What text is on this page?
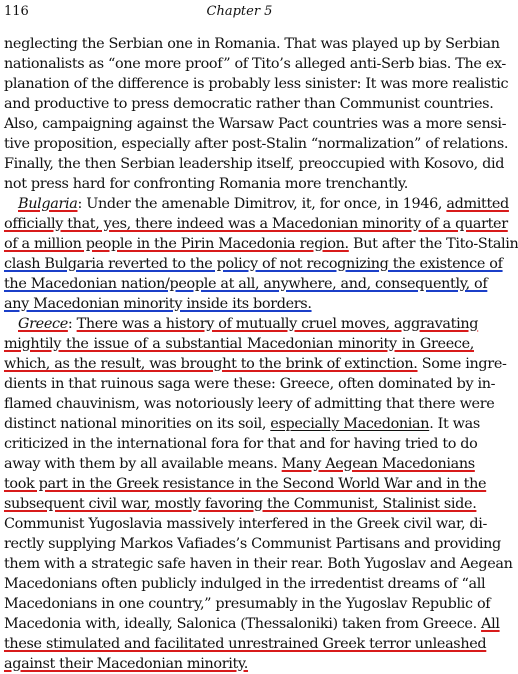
116	Chapter 5
neglecting the Serbian one in Romania. That was played up by Serbian
nationalists as “one more proof” of Tito’s alleged anti-Serb bias. The ex-
planation of the difference is probably less sinister: It was more realistic
and productive to press democratic rather than Communist countries.
Also, campaigning against the Warsaw Pact countries was a more sensi-
tive proposition, especially after post-Stalin “normalization” of relations.
Finally, the then Serbian leadership itself, preoccupied with Kosovo, did
not press hard for confronting Romania more trenchantly.
Bulgaria: Under the amenable Dimitrov, it, for once, in 1946, admitted
officially that, yes, there indeed was a Macedonian minority of a quarter
of a million people in the Pirin Macedonia region. But after the Tito-Stalin
clash Bulgaria reverted to the policy of not recognizing the existence of
the Macedonian nation/people at all, anywhere, and, consequently, of
any Macedonian minority inside its borders.
Greece: There was a history of mutually cruel moves, aggravating
mightily the issue of a substantial Macedonian minority in Greece,
which, as the result, was brought to the brink of extinction. Some ingre-
dients in that ruinous saga were these: Greece, often dominated by in-
flamed chauvinism, was notoriously leery of admitting that there were
distinct national minorities on its soil, especially Macedonian. It was
criticized in the international fora for that and for having tried to do
away with them by all available means. Many Aegean Macedonians
took part in the Greek resistance in the Second World War and in the
subsequent civil war, mostly favoring the Communist, Stalinist side.
Communist Yugoslavia massively interfered in the Greek civil war, di-
rectly supplying Markos Vafiades’s Communist Partisans and providing
them with a strategic safe haven in their rear. Both Yugoslav and Aegean
Macedonians often publicly indulged in the irredentist dreams of “all
Macedonians in one country,” presumably in the Yugoslav Republic of
Macedonia with, ideally, Salonica (Thessaloniki) taken from Greece. All
these stimulated and facilitated unrestrained Greek terror unleashed
against their Macedonian minority.
